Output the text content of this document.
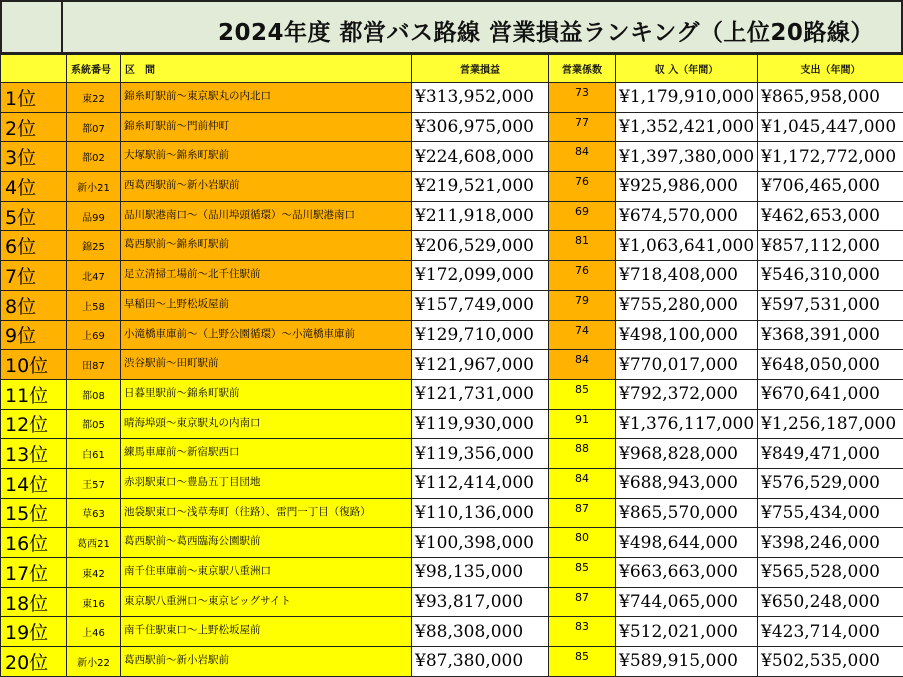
2024年度 都営バス路線 営業損益ランキング（上位20路線）
	系統番号	区　間	営業損益	営業係数	収 入（年間）	支出（年間）
1位	東22	錦糸町駅前～東京駅丸の内北口	¥313,952,000	73	¥1,179,910,000	¥865,958,000
2位	都07	錦糸町駅前～門前仲町	¥306,975,000	77	¥1,352,421,000	¥1,045,447,000
3位	都02	大塚駅前～錦糸町駅前	¥224,608,000	84	¥1,397,380,000	¥1,172,772,000
4位	新小21	西葛西駅前～新小岩駅前	¥219,521,000	76	¥925,986,000	¥706,465,000
5位	品99	品川駅港南口～（品川埠頭循環）～品川駅港南口	¥211,918,000	69	¥674,570,000	¥462,653,000
6位	錦25	葛西駅前～錦糸町駅前	¥206,529,000	81	¥1,063,641,000	¥857,112,000
7位	北47	足立清掃工場前～北千住駅前	¥172,099,000	76	¥718,408,000	¥546,310,000
8位	上58	早稲田～上野松坂屋前	¥157,749,000	79	¥755,280,000	¥597,531,000
9位	上69	小滝橋車庫前～（上野公園循環）～小滝橋車庫前	¥129,710,000	74	¥498,100,000	¥368,391,000
10位	田87	渋谷駅前～田町駅前	¥121,967,000	84	¥770,017,000	¥648,050,000
11位	都08	日暮里駅前～錦糸町駅前	¥121,731,000	85	¥792,372,000	¥670,641,000
12位	都05	晴海埠頭～東京駅丸の内南口	¥119,930,000	91	¥1,376,117,000	¥1,256,187,000
13位	白61	練馬車庫前～新宿駅西口	¥119,356,000	88	¥968,828,000	¥849,471,000
14位	王57	赤羽駅東口～豊島五丁目団地	¥112,414,000	84	¥688,943,000	¥576,529,000
15位	草63	池袋駅東口～浅草寿町（往路）、雷門一丁目（復路）	¥110,136,000	87	¥865,570,000	¥755,434,000
16位	葛西21	葛西駅前～葛西臨海公園駅前	¥100,398,000	80	¥498,644,000	¥398,246,000
17位	東42	南千住車庫前～東京駅八重洲口	¥98,135,000	85	¥663,663,000	¥565,528,000
18位	東16	東京駅八重洲口～東京ビッグサイト	¥93,817,000	87	¥744,065,000	¥650,248,000
19位	上46	南千住駅東口～上野松坂屋前	¥88,308,000	83	¥512,021,000	¥423,714,000
20位	新小22	葛西駅前～新小岩駅前	¥87,380,000	85	¥589,915,000	¥502,535,000
